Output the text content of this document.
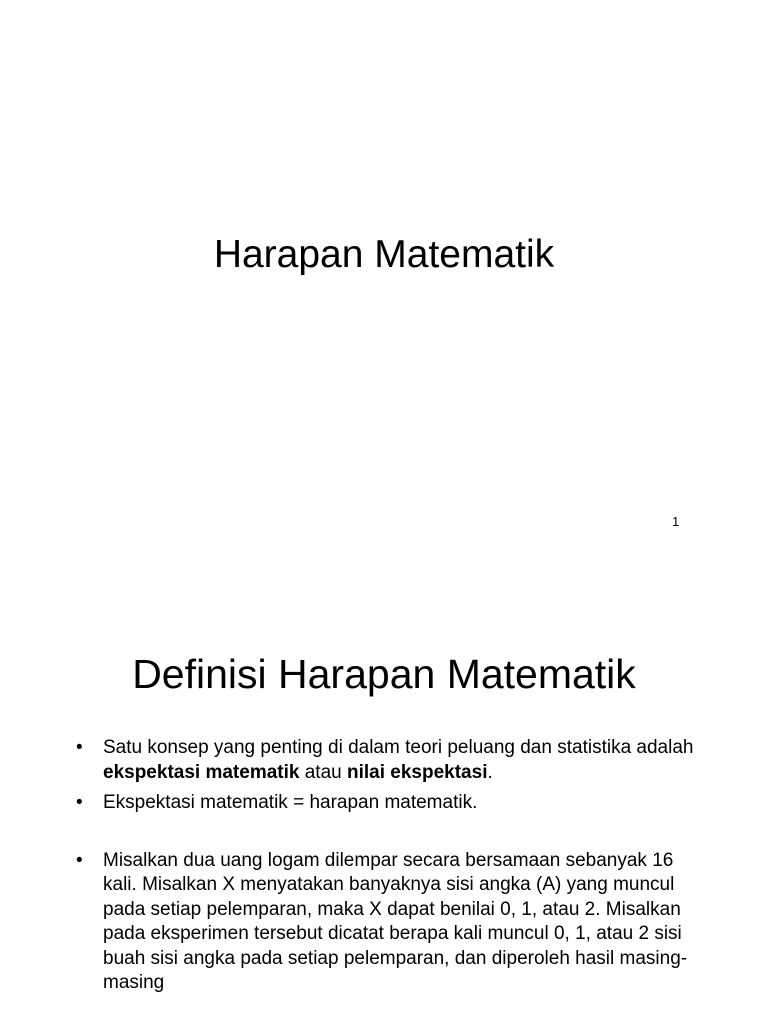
Harapan Matematik
1
Definisi Harapan Matematik
• Satu konsep yang penting di dalam teori peluang dan statistika adalah ekspektasi matematik atau nilai ekspektasi.
• Ekspektasi matematik = harapan matematik.
• Misalkan dua uang logam dilempar secara bersamaan sebanyak 16 kali. Misalkan X menyatakan banyaknya sisi angka (A) yang muncul pada setiap pelemparan, maka X dapat benilai 0, 1, atau 2. Misalkan pada eksperimen tersebut dicatat berapa kali muncul 0, 1, atau 2 sisi buah sisi angka pada setiap pelemparan, dan diperoleh hasil masing-masing
